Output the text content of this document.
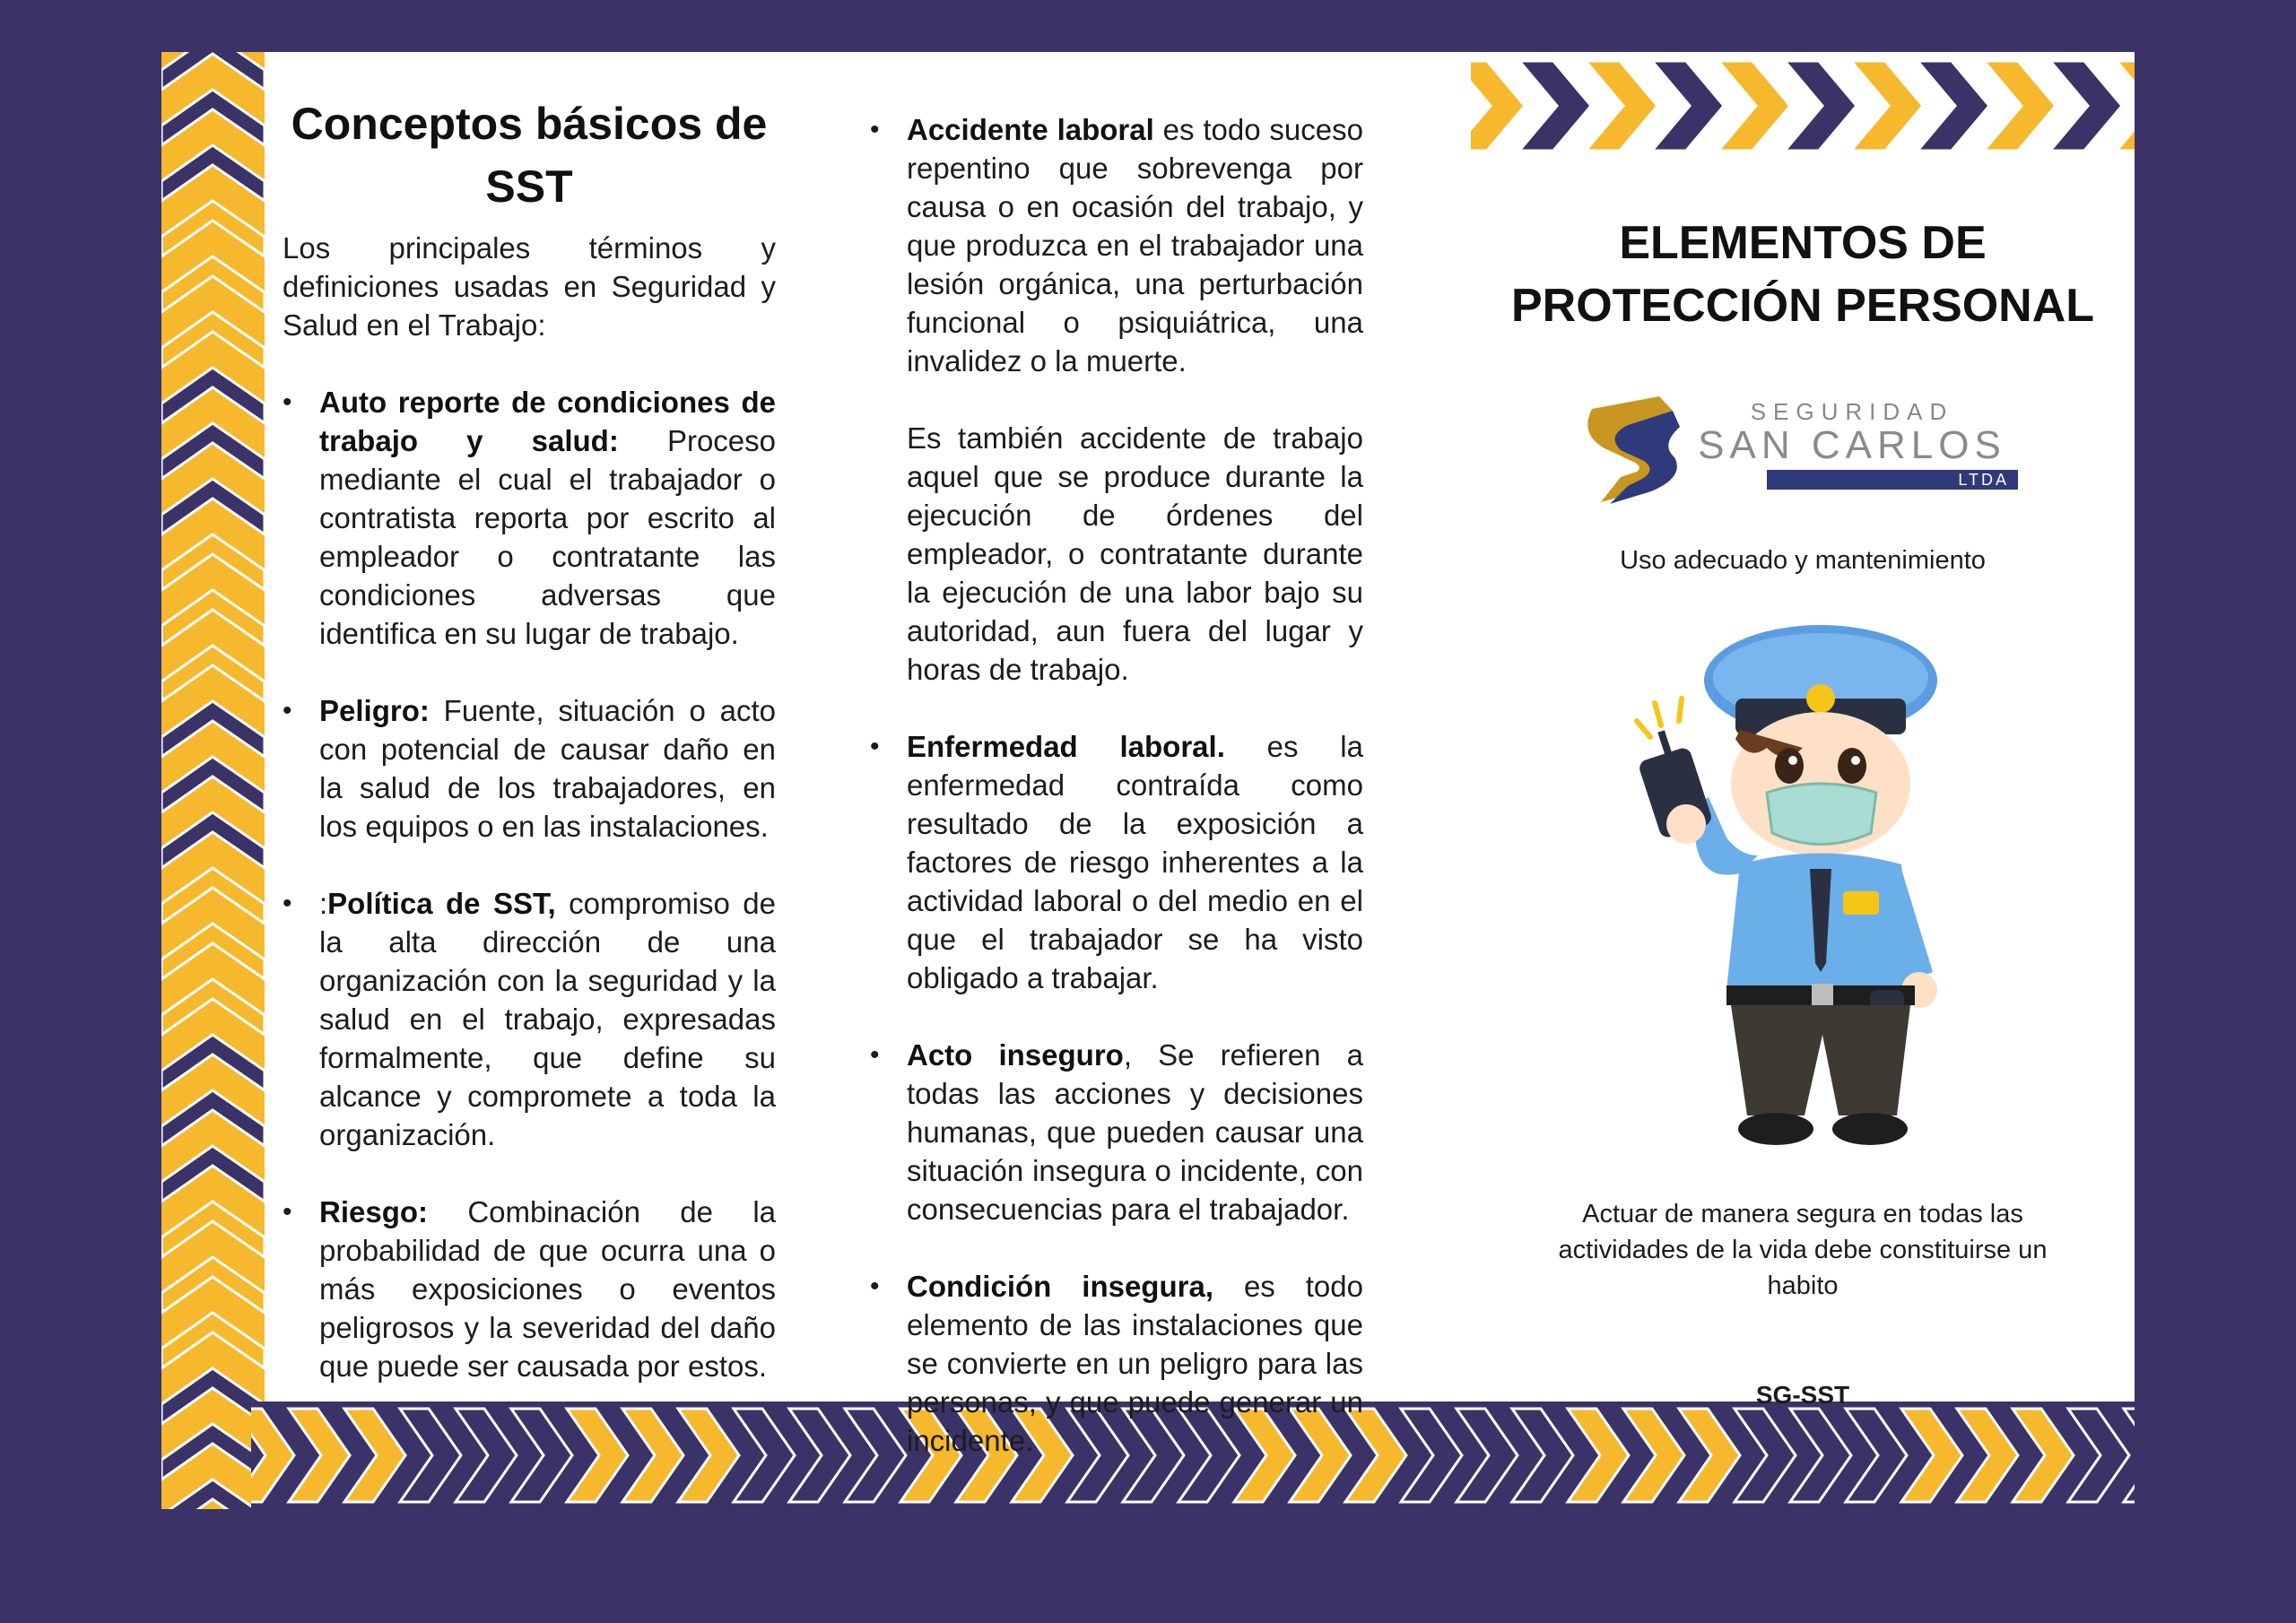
Conceptos básicos de SST

Los principales términos y definiciones usadas en Seguridad y Salud en el Trabajo:

• Auto reporte de condiciones de trabajo y salud: Proceso mediante el cual el trabajador o contratista reporta por escrito al empleador o contratante las condiciones adversas que identifica en su lugar de trabajo.
• Peligro: Fuente, situación o acto con potencial de causar daño en la salud de los trabajadores, en los equipos o en las instalaciones.
• :Política de SST, compromiso de la alta dirección de una organización con la seguridad y la salud en el trabajo, expresadas formalmente, que define su alcance y compromete a toda la organización.
• Riesgo: Combinación de la probabilidad de que ocurra una o más exposiciones o eventos peligrosos y la severidad del daño que puede ser causada por estos.
• Accidente laboral es todo suceso repentino que sobrevenga por causa o en ocasión del trabajo, y que produzca en el trabajador una lesión orgánica, una perturbación funcional o psiquiátrica, una invalidez o la muerte.
Es también accidente de trabajo aquel que se produce durante la ejecución de órdenes del empleador, o contratante durante la ejecución de una labor bajo su autoridad, aun fuera del lugar y horas de trabajo.
• Enfermedad laboral. es la enfermedad contraída como resultado de la exposición a factores de riesgo inherentes a la actividad laboral o del medio en el que el trabajador se ha visto obligado a trabajar.
• Acto inseguro, Se refieren a todas las acciones y decisiones humanas, que pueden causar una situación insegura o incidente, con consecuencias para el trabajador.
• Condición insegura, es todo elemento de las instalaciones que se convierte en un peligro para las personas, y que puede generar un incidente.
ELEMENTOS DE PROTECCIÓN PERSONAL
SEGURIDAD
SAN CARLOS
LTDA
Uso adecuado y mantenimiento
Actuar de manera segura en todas las actividades de la vida debe constituirse un habito
SG-SST
